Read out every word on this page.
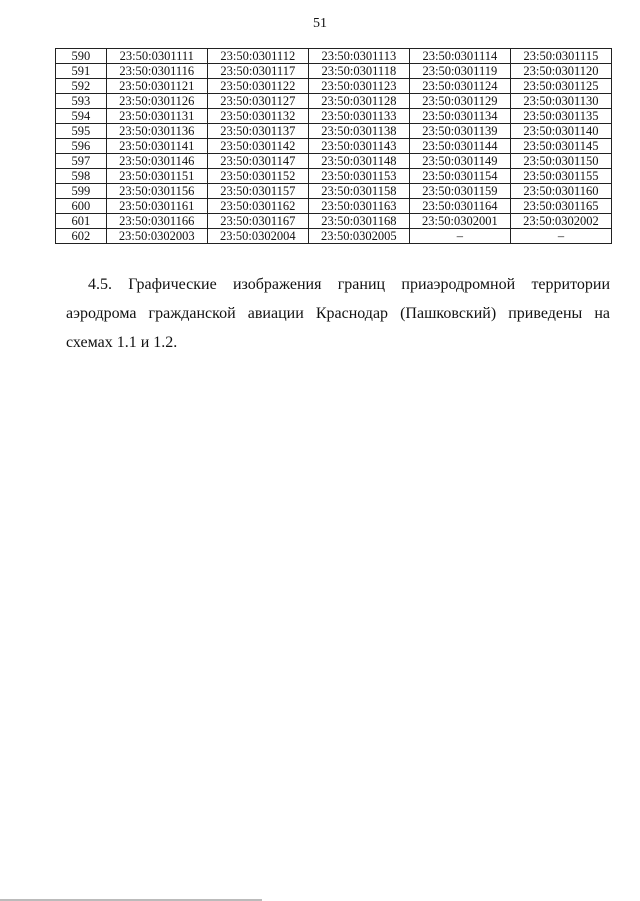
51
590	23:50:0301111	23:50:0301112	23:50:0301113	23:50:0301114	23:50:0301115
591	23:50:0301116	23:50:0301117	23:50:0301118	23:50:0301119	23:50:0301120
592	23:50:0301121	23:50:0301122	23:50:0301123	23:50:0301124	23:50:0301125
593	23:50:0301126	23:50:0301127	23:50:0301128	23:50:0301129	23:50:0301130
594	23:50:0301131	23:50:0301132	23:50:0301133	23:50:0301134	23:50:0301135
595	23:50:0301136	23:50:0301137	23:50:0301138	23:50:0301139	23:50:0301140
596	23:50:0301141	23:50:0301142	23:50:0301143	23:50:0301144	23:50:0301145
597	23:50:0301146	23:50:0301147	23:50:0301148	23:50:0301149	23:50:0301150
598	23:50:0301151	23:50:0301152	23:50:0301153	23:50:0301154	23:50:0301155
599	23:50:0301156	23:50:0301157	23:50:0301158	23:50:0301159	23:50:0301160
600	23:50:0301161	23:50:0301162	23:50:0301163	23:50:0301164	23:50:0301165
601	23:50:0301166	23:50:0301167	23:50:0301168	23:50:0302001	23:50:0302002
602	23:50:0302003	23:50:0302004	23:50:0302005	–	–

4.5. Графические изображения границ приаэродромной территории аэродрома гражданской авиации Краснодар (Пашковский) приведены на схемах 1.1 и 1.2.
